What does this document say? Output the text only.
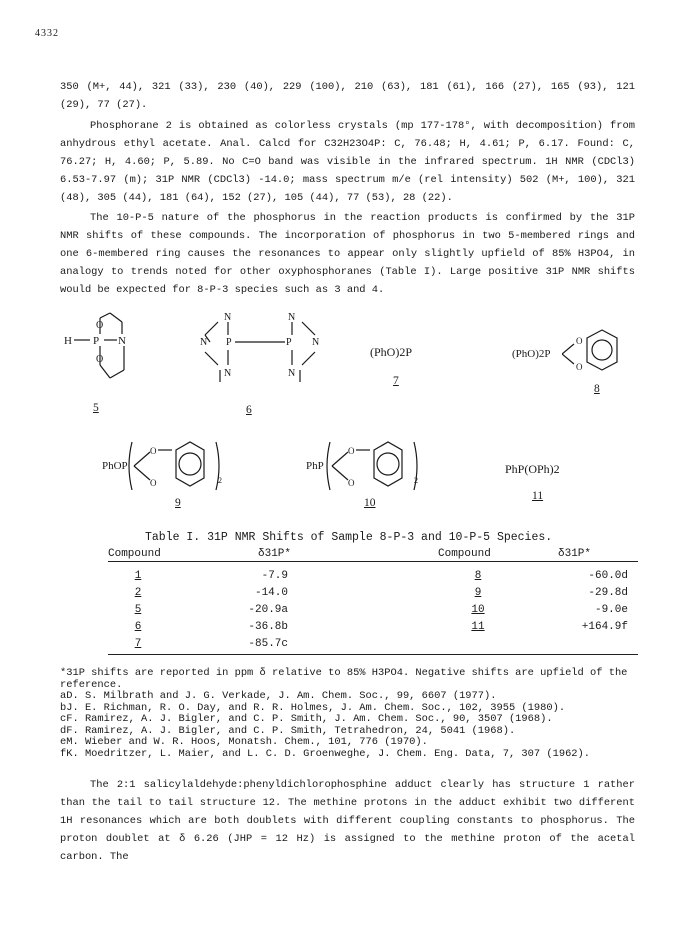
4332
350 (M+, 44), 321 (33), 230 (40), 229 (100), 210 (63), 181 (61), 166 (27), 165 (93), 121 (29), 77 (27).
Phosphorane 2 is obtained as colorless crystals (mp 177-178°, with decomposition) from anhydrous ethyl acetate. Anal. Calcd for C32H23O4P: C, 76.48; H, 4.61; P, 6.17. Found: C, 76.27; H, 4.60; P, 5.89. No C=O band was visible in the infrared spectrum. 1H NMR (CDCl3) 6.53-7.97 (m); 31P NMR (CDCl3) -14.0; mass spectrum m/e (rel intensity) 502 (M+, 100), 321 (48), 305 (44), 181 (64), 152 (27), 105 (44), 77 (53), 28 (22).
The 10-P-5 nature of the phosphorus in the reaction products is confirmed by the 31P NMR shifts of these compounds. The incorporation of phosphorus in two 5-membered rings and one 6-membered ring causes the resonances to appear only slightly upfield of 85% H3PO4, in analogy to trends noted for other oxyphosphoranes (Table I). Large positive 31P NMR shifts would be expected for 8-P-3 species such as 3 and 4.
H P N
O
O
5
N
N P
N
N
P N
N
6
(PhO)2P
7
(PhO)2P
O
O
8
PhOP
O
O	2
9
PhP
O
O	2
10
PhP(OPh)2
11
Table I. 31P NMR Shifts of Sample 8-P-3 and 10-P-5 Species.
Compound	δ31P*	Compound	δ31P*
1	-7.9	8	-60.0d
2	-14.0	9	-29.8d
5	-20.9a	10	-9.0e
6	-36.8b	11	+164.9f
7	-85.7c		
*31P shifts are reported in ppm δ relative to 85% H3PO4. Negative shifts are upfield of the
reference.
aD. S. Milbrath and J. G. Verkade, J. Am. Chem. Soc., 99, 6607 (1977).
bJ. E. Richman, R. O. Day, and R. R. Holmes, J. Am. Chem. Soc., 102, 3955 (1980).
cF. Ramirez, A. J. Bigler, and C. P. Smith, J. Am. Chem. Soc., 90, 3507 (1968).
dF. Ramirez, A. J. Bigler, and C. P. Smith, Tetrahedron, 24, 5041 (1968).
eM. Wieber and W. R. Hoos, Monatsh. Chem., 101, 776 (1970).
fK. Moedritzer, L. Maier, and L. C. D. Groenweghe, J. Chem. Eng. Data, 7, 307 (1962).
The 2:1 salicylaldehyde:phenyldichlorophosphine adduct clearly has structure 1 rather than the tail to tail structure 12. The methine protons in the adduct exhibit two different 1H resonances which are both doublets with different coupling constants to phosphorus. The proton doublet at δ 6.26 (JHP = 12 Hz) is assigned to the methine proton of the acetal carbon. The
